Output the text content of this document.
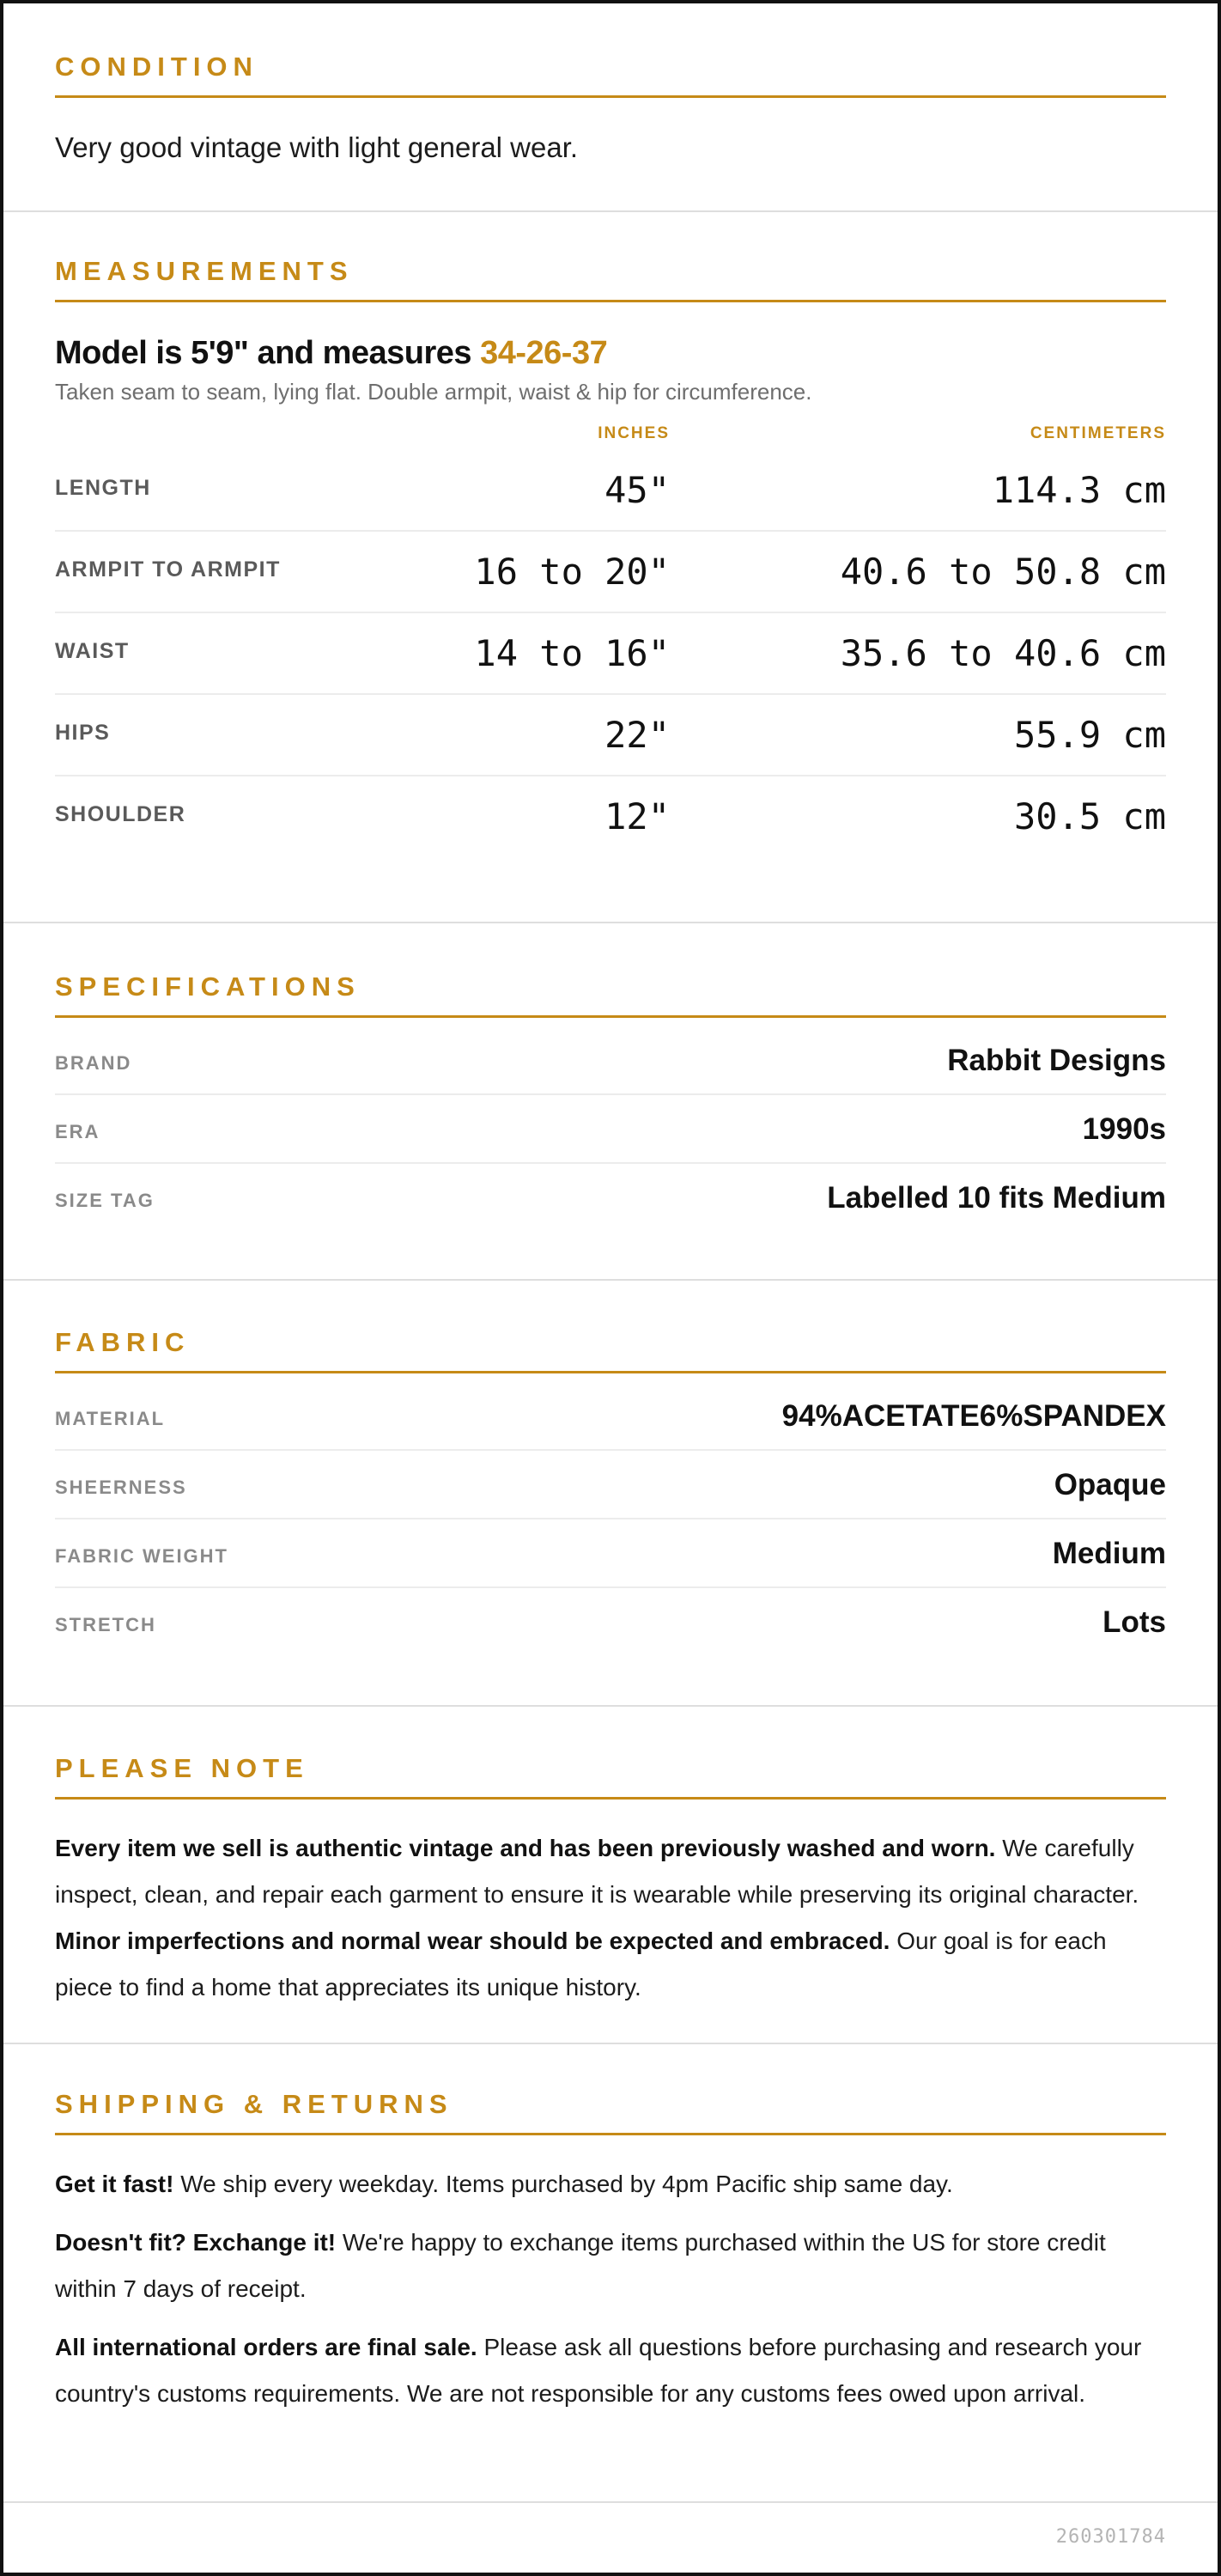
CONDITION
Very good vintage with light general wear.
MEASUREMENTS
Model is 5'9" and measures 34-26-37
Taken seam to seam, lying flat. Double armpit, waist & hip for circumference.
INCHES	CENTIMETERS
LENGTH	45"	114.3 cm
ARMPIT TO ARMPIT	16 to 20"	40.6 to 50.8 cm
WAIST	14 to 16"	35.6 to 40.6 cm
HIPS	22"	55.9 cm
SHOULDER	12"	30.5 cm
SPECIFICATIONS
BRAND	Rabbit Designs
ERA	1990s
SIZE TAG	Labelled 10 fits Medium
FABRIC
MATERIAL	94%ACETATE6%SPANDEX
SHEERNESS	Opaque
FABRIC WEIGHT	Medium
STRETCH	Lots
PLEASE NOTE
Every item we sell is authentic vintage and has been previously washed and worn. We carefully inspect, clean, and repair each garment to ensure it is wearable while preserving its original character. Minor imperfections and normal wear should be expected and embraced. Our goal is for each piece to find a home that appreciates its unique history.
SHIPPING & RETURNS
Get it fast! We ship every weekday. Items purchased by 4pm Pacific ship same day.
Doesn't fit? Exchange it! We're happy to exchange items purchased within the US for store credit within 7 days of receipt.
All international orders are final sale. Please ask all questions before purchasing and research your country's customs requirements. We are not responsible for any customs fees owed upon arrival.
260301784
